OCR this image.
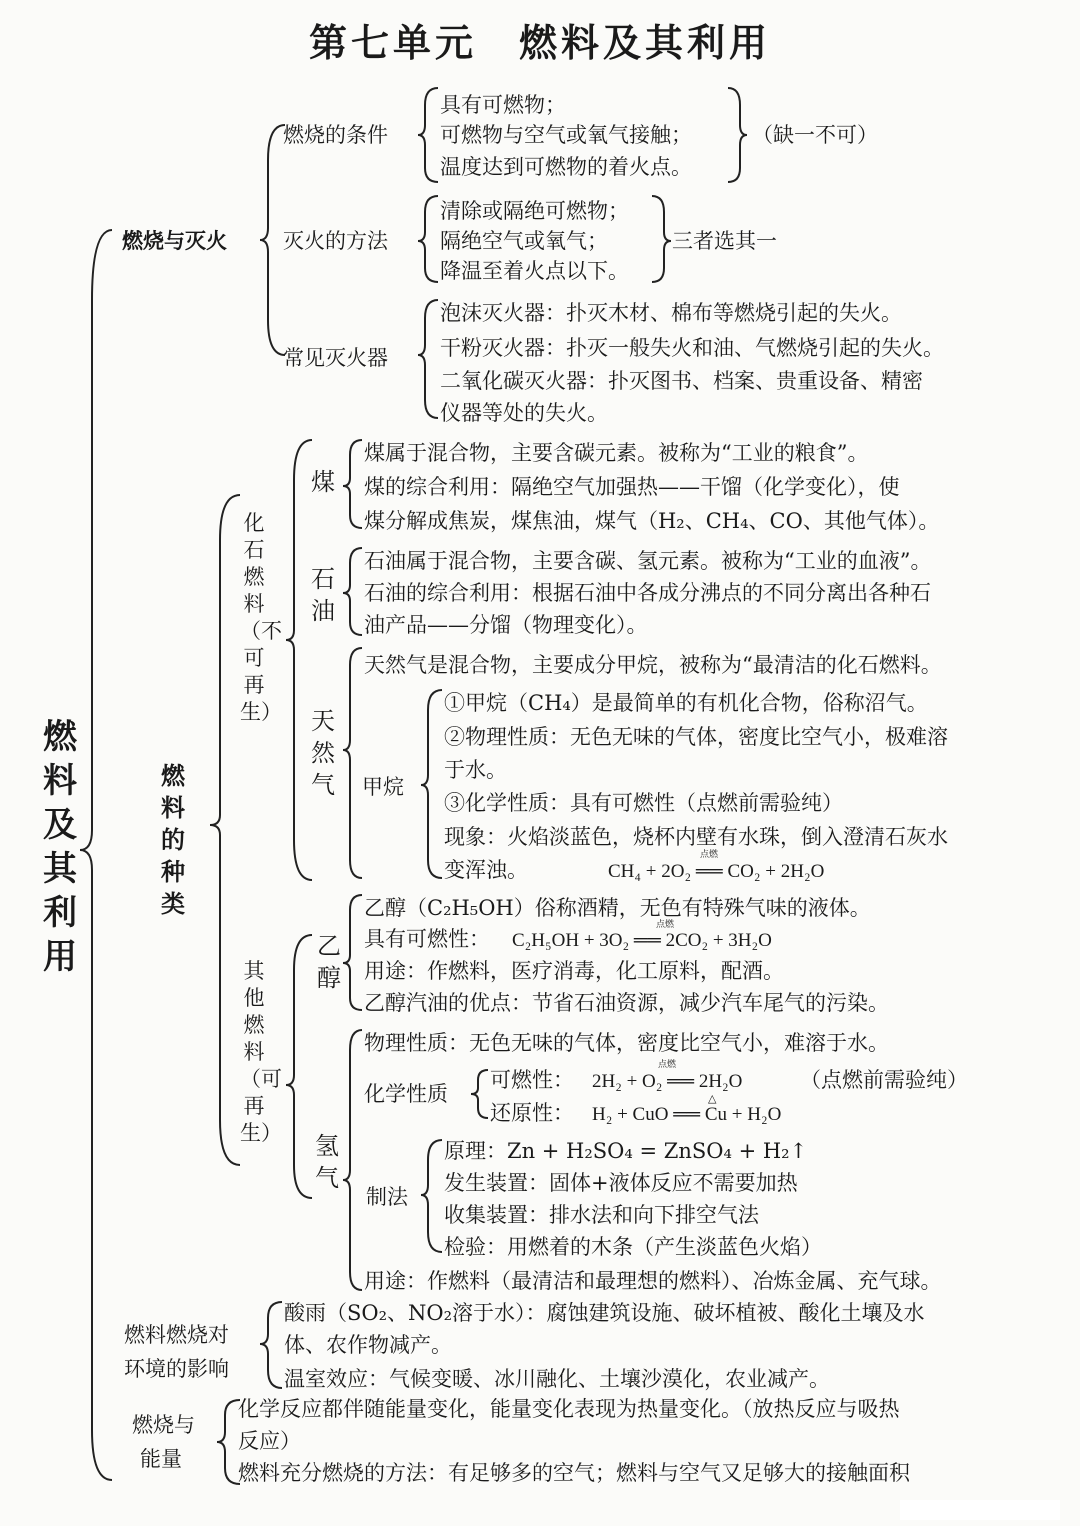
第七单元　燃料及其利用
燃料及其利用
燃烧与灭火
燃烧的条件
具有可燃物；
可燃物与空气或氧气接触；
温度达到可燃物的着火点。
（缺一不可）
灭火的方法
清除或隔绝可燃物；
隔绝空气或氧气；
降温至着火点以下。
三者选其一
常见灭火器
泡沫灭火器：扑灭木材、棉布等燃烧引起的失火。
干粉灭火器：扑灭一般失火和油、气燃烧引起的失火。
二氧化碳灭火器：扑灭图书、档案、贵重设备、精密
仪器等处的失火。
燃料的种类
化石燃料（不可再生）
煤
煤属于混合物，主要含碳元素。被称为“工业的粮食”。
煤的综合利用：隔绝空气加强热——干馏（化学变化），使
煤分解成焦炭，煤焦油，煤气（H₂、CH₄、CO、其他气体）。
石油
石油属于混合物，主要含碳、氢元素。被称为“工业的血液”。
石油的综合利用：根据石油中各成分沸点的不同分离出各种石
油产品——分馏（物理变化）。
天然气
天然气是混合物，主要成分甲烷，被称为“最清洁的化石燃料。
甲烷
①甲烷（CH₄）是最简单的有机化合物，俗称沼气。
②物理性质：无色无味的气体，密度比空气小，极难溶
于水。
③化学性质：具有可燃性（点燃前需验纯）
现象：火焰淡蓝色，烧杯内壁有水珠，倒入澄清石灰水
变浑浊。	CH₄ + 2O₂ ══ CO₂ + 2H₂O
点燃
其他燃料（可再生）
乙醇
乙醇（C₂H₅OH）俗称酒精，无色有特殊气味的液体。
具有可燃性： C₂H₅OH + 3O₂ ══ 2CO₂ + 3H₂O
点燃
用途：作燃料，医疗消毒，化工原料，配酒。
乙醇汽油的优点：节省石油资源，减少汽车尾气的污染。
氢气
物理性质：无色无味的气体，密度比空气小，难溶于水。
化学性质
可燃性： 2H₂ + O₂ ══ 2H₂O
点燃
（点燃前需验纯）
还原性： H₂ + CuO ══ Cu + H₂O
△
制法
原理：Zn + H₂SO₄ = ZnSO₄ + H₂↑
发生装置：固体+液体反应不需要加热
收集装置：排水法和向下排空气法
检验：用燃着的木条（产生淡蓝色火焰）
用途：作燃料（最清洁和最理想的燃料）、冶炼金属、充气球。
燃料燃烧对
环境的影响
酸雨（SO₂、NO₂溶于水）：腐蚀建筑设施、破坏植被、酸化土壤及水
体、农作物减产。
温室效应：气候变暖、冰川融化、土壤沙漠化，农业减产。
燃烧与
能量
化学反应都伴随能量变化，能量变化表现为热量变化。（放热反应与吸热
反应）
燃料充分燃烧的方法：有足够多的空气；燃料与空气又足够大的接触面积
